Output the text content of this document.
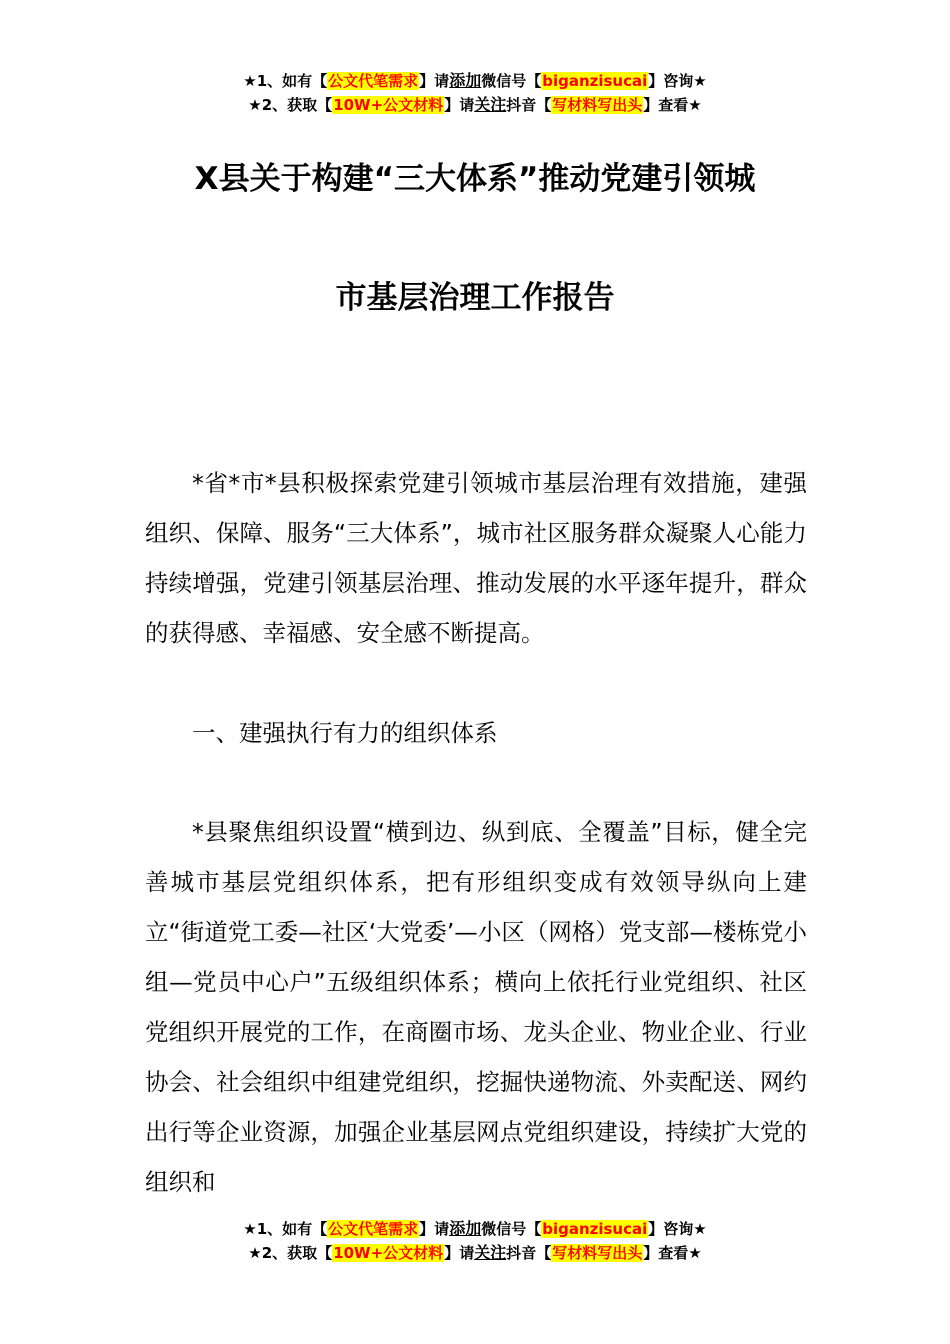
★1、如有【公文代笔需求】请添加微信号【biganzisucai】咨询★
★2、获取【10W+公文材料】请关注抖音【写材料写出头】查看★
X县关于构建“三大体系”推动党建引领城
市基层治理工作报告

*省*市*县积极探索党建引领城市基层治理有效措施，建强组织、保障、服务“三大体系”，城市社区服务群众凝聚人心能力持续增强，党建引领基层治理、推动发展的水平逐年提升，群众的获得感、幸福感、安全感不断提高。

一、建强执行有力的组织体系

*县聚焦组织设置“横到边、纵到底、全覆盖”目标，健全完善城市基层党组织体系，把有形组织变成有效领导纵向上建立“街道党工委—社区‘大党委’—小区（网格）党支部—楼栋党小组—党员中心户”五级组织体系；横向上依托行业党组织、社区党组织开展党的工作，在商圈市场、龙头企业、物业企业、行业协会、社会组织中组建党组织，挖掘快递物流、外卖配送、网约出行等企业资源，加强企业基层网点党组织建设，持续扩大党的组织和

★1、如有【公文代笔需求】请添加微信号【biganzisucai】咨询★
★2、获取【10W+公文材料】请关注抖音【写材料写出头】查看★
